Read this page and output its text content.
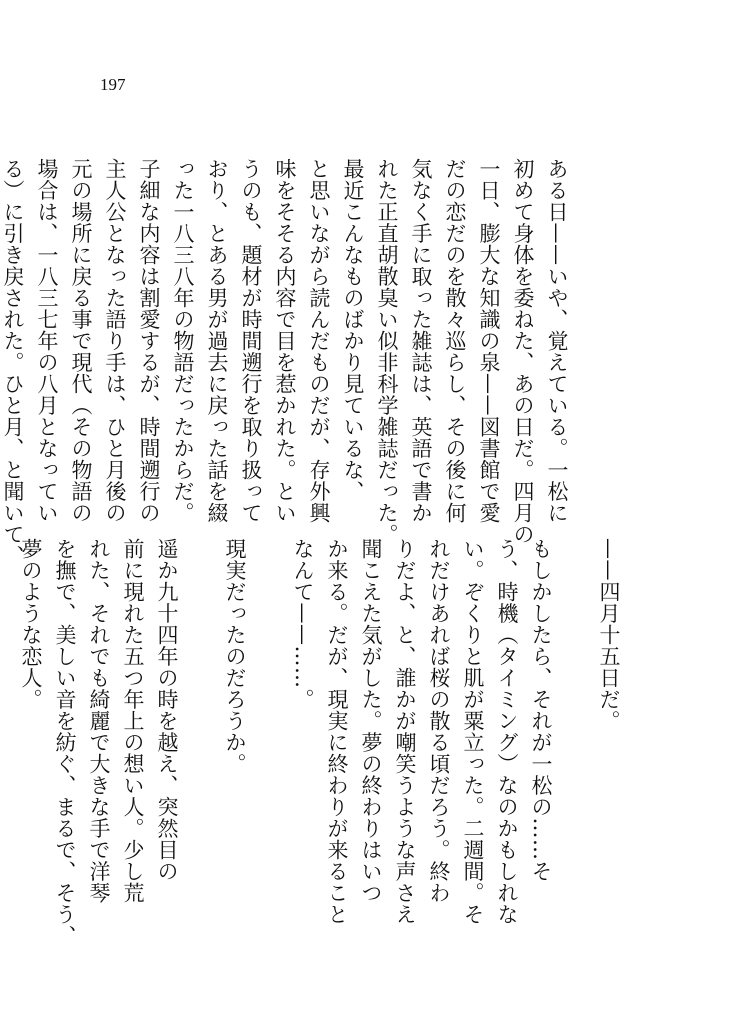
197
ある日——いや、覚えている。一松に
初めて身体を委ねた、あの日だ。四月の
一日、膨大な知識の泉——図書館で愛
だの恋だのを散々巡らし、その後に何
気なく手に取った雑誌は、英語で書か
れた正直胡散臭い似非科学雑誌だった。
最近こんなものばかり見ているな、
と思いながら読んだものだが、存外興
味をそそる内容で目を惹かれた。とい
うのも、題材が時間遡行を取り扱って
おり、とある男が過去に戻った話を綴
った一八三八年の物語だったからだ。
子細な内容は割愛するが、時間遡行の
主人公となった語り手は、ひと月後の
元の場所に戻る事で現代（その物語の
場合は、一八三七年の八月となってい
る）に引き戻された。ひと月、と聞いて、
——四月十五日だ。
もしかしたら、それが一松の……そ
う、時機（タイミング）なのかもしれな
い。ぞくりと肌が粟立った。二週間。そ
れだけあれば桜の散る頃だろう。終わ
りだよ、と、誰かが嘲笑うような声さえ
聞こえた気がした。夢の終わりはいつ
か来る。だが、現実に終わりが来ること
なんて——……。
現実だったのだろうか。
遥か九十四年の時を越え、突然目の
前に現れた五つ年上の想い人。少し荒
れた、それでも綺麗で大きな手で洋琴
を撫で、美しい音を紡ぐ、まるで、そう、
夢のような恋人。
